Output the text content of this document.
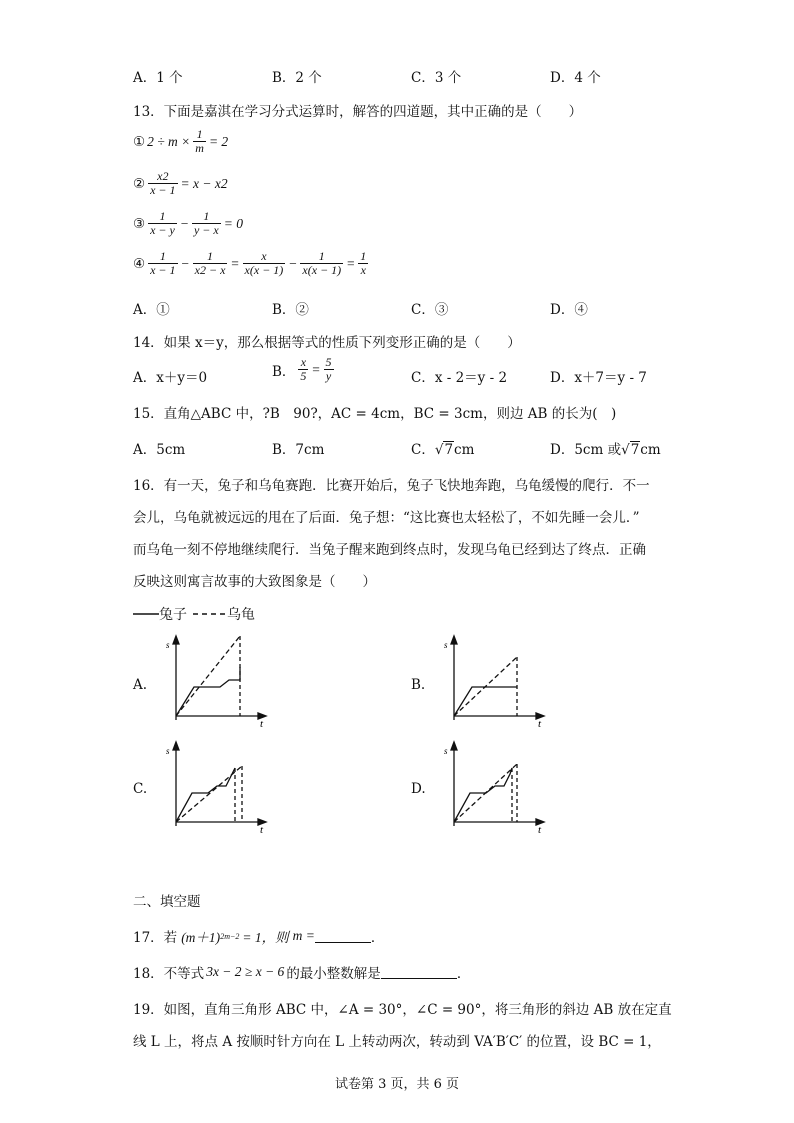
A．1 个	B．2 个	C．3 个	D．4 个
13．下面是嘉淇在学习分式运算时，解答的四道题，其中正确的是（　　）
① $2 \div m \times \frac{1}{m} = 2$
② $\frac{x2}{x - 1} = x - x2$
③ $\frac{1}{x - y} - \frac{1}{y - x} = 0$
④ $\frac{1}{x - 1} - \frac{1}{x2 - x} = \frac{x}{x(x - 1)} - \frac{1}{x(x - 1)} = \frac{1}{x}$
A．①	B．②	C．③	D．④
14．如果 x＝y，那么根据等式的性质下列变形正确的是（　　）
A．x＋y＝0	B． $\frac{x}{5} = \frac{5}{y}$	C．x - 2＝y - 2	D．x＋7＝y - 7
15．直角△ABC 中，?B　90?，AC = 4cm，BC = 3cm，则边 AB 的长为(　)
A．5cm	B．7cm	C．√7cm	D．5cm 或√7cm
16．有一天，兔子和乌龟赛跑．比赛开始后，兔子飞快地奔跑，乌龟缓慢的爬行．不一
会儿，乌龟就被远远的甩在了后面．兔子想：“这比赛也太轻松了，不如先睡一会儿．”
而乌龟一刻不停地继续爬行．当兔子醒来跑到终点时，发现乌龟已经到达了终点．正确
反映这则寓言故事的大致图象是（　　）
兔子	乌龟
A.	B.
C.	D.
s
t
s
t
s
t
s
t
二、填空题
17．若 (m＋1) 2m−2 = 1，则 m =	．
18．不等式 3x − 2 ≥ x − 6 的最小整数解是	．
19．如图，直角三角形 ABC 中，∠A = 30°，∠C = 90°，将三角形的斜边 AB 放在定直
线 L 上，将点 A 按顺时针方向在 L 上转动两次，转动到 VA′B′C′ 的位置，设 BC = 1，
试卷第 3 页，共 6 页
